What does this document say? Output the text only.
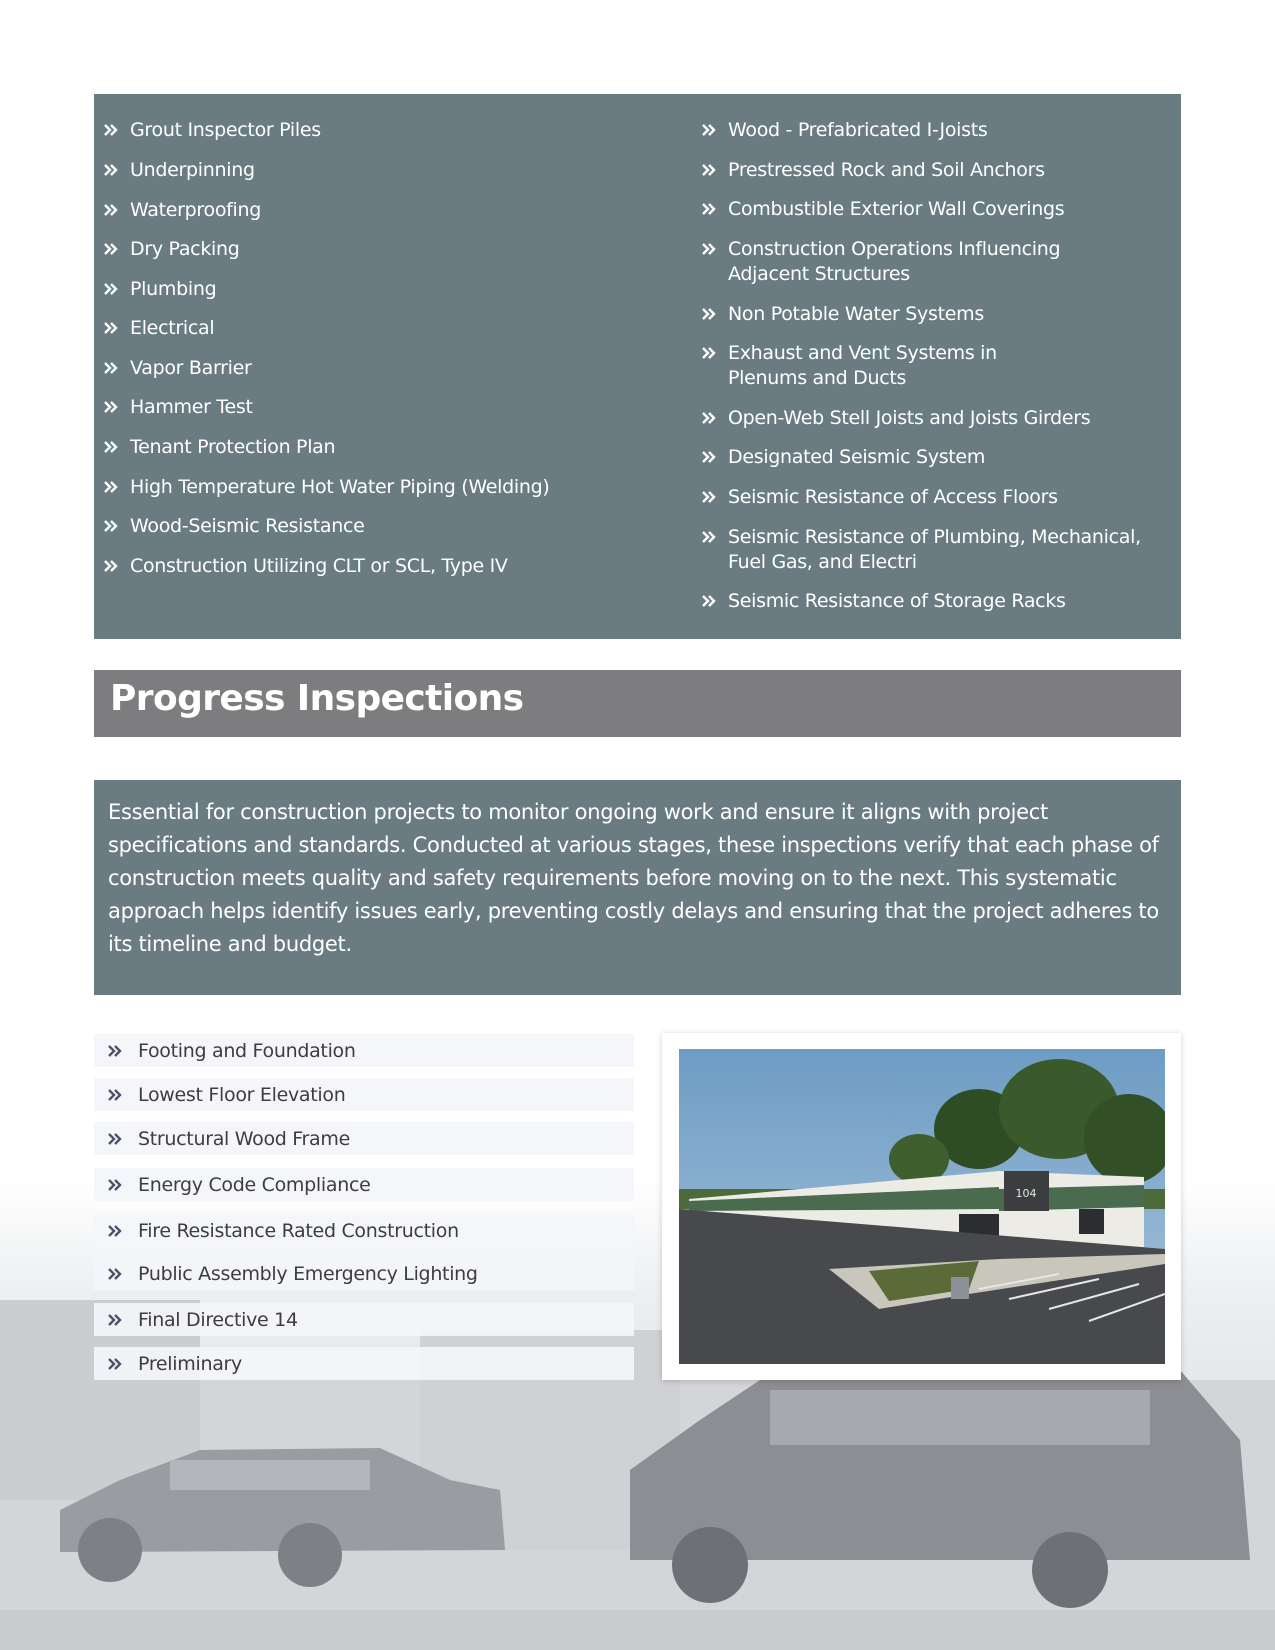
Grout Inspector Piles
Underpinning
Waterproofing
Dry Packing
Plumbing
Electrical
Vapor Barrier
Hammer Test
Tenant Protection Plan
High Temperature Hot Water Piping (Welding)
Wood-Seismic Resistance
Construction Utilizing CLT or SCL, Type IV
Wood - Prefabricated I-Joists
Prestressed Rock and Soil Anchors
Combustible Exterior Wall Coverings
Construction Operations Influencing
Adjacent Structures
Non Potable Water Systems
Exhaust and Vent Systems in
Plenums and Ducts
Open-Web Stell Joists and Joists Girders
Designated Seismic System
Seismic Resistance of Access Floors
Seismic Resistance of Plumbing, Mechanical,
Fuel Gas, and Electri
Seismic Resistance of Storage Racks
Progress Inspections

Essential for construction projects to monitor ongoing work and ensure it aligns with project specifications and standards. Conducted at various stages, these inspections verify that each phase of construction meets quality and safety requirements before moving on to the next. This systematic approach helps identify issues early, preventing costly delays and ensuring that the project adheres to its timeline and budget.

Footing and Foundation
Lowest Floor Elevation
Structural Wood Frame
Energy Code Compliance
Fire Resistance Rated Construction
Public Assembly Emergency Lighting
Final Directive 14
Preliminary
104
